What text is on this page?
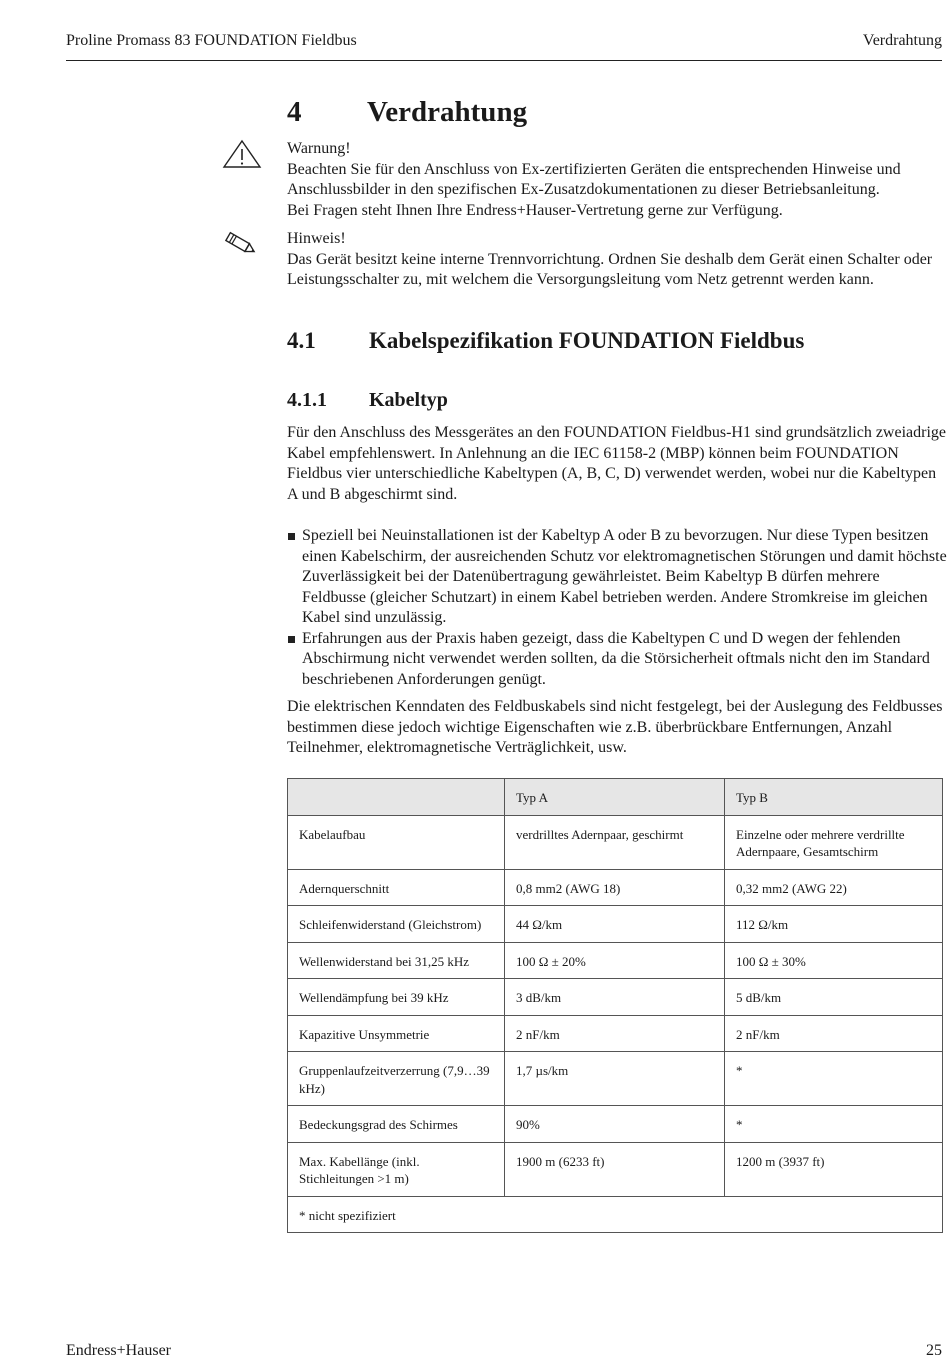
Proline Promass 83 FOUNDATION Fieldbus	Verdrahtung
4 Verdrahtung

Warnung!

Beachten Sie für den Anschluss von Ex-zertifizierten Geräten die entsprechenden Hinweise und Anschlussbilder in den spezifischen Ex-Zusatzdokumentationen zu dieser Betriebsanleitung.

Bei Fragen steht Ihnen Ihre Endress+Hauser-Vertretung gerne zur Verfügung.

Hinweis!

Das Gerät besitzt keine interne Trennvorrichtung. Ordnen Sie deshalb dem Gerät einen Schalter oder Leistungsschalter zu, mit welchem die Versorgungsleitung vom Netz getrennt werden kann.

4.1 Kabelspezifikation FOUNDATION Fieldbus
4.1.1 Kabeltyp

Für den Anschluss des Messgerätes an den FOUNDATION Fieldbus-H1 sind grundsätzlich zweiadrige Kabel empfehlenswert. In Anlehnung an die IEC 61158-2 (MBP) können beim FOUNDATION Fieldbus vier unterschiedliche Kabeltypen (A, B, C, D) verwendet werden, wobei nur die Kabeltypen A und B abgeschirmt sind.

Speziell bei Neuinstallationen ist der Kabeltyp A oder B zu bevorzugen. Nur diese Typen besitzen einen Kabelschirm, der ausreichenden Schutz vor elektromagnetischen Störungen und damit höchste Zuverlässigkeit bei der Datenübertragung gewährleistet. Beim Kabeltyp B dürfen mehrere Feldbusse (gleicher Schutzart) in einem Kabel betrieben werden. Andere Stromkreise im gleichen Kabel sind unzulässig.
Erfahrungen aus der Praxis haben gezeigt, dass die Kabeltypen C und D wegen der fehlenden Abschirmung nicht verwendet werden sollten, da die Störsicherheit oftmals nicht den im Standard beschriebenen Anforderungen genügt.

Die elektrischen Kenndaten des Feldbuskabels sind nicht festgelegt, bei der Auslegung des Feldbusses bestimmen diese jedoch wichtige Eigenschaften wie z.B. überbrückbare Entfernungen, Anzahl Teilnehmer, elektromagnetische Verträglichkeit, usw.

	Typ A	Typ B
Kabelaufbau	verdrilltes Adernpaar, geschirmt	Einzelne oder mehrere verdrillte Adernpaare, Gesamtschirm
Adernquerschnitt	0,8 mm2 (AWG 18)	0,32 mm2 (AWG 22)
Schleifenwiderstand (Gleichstrom)	44 Ω/km	112 Ω/km
Wellenwiderstand bei 31,25 kHz	100 Ω ± 20%	100 Ω ± 30%
Wellendämpfung bei 39 kHz	3 dB/km	5 dB/km
Kapazitive Unsymmetrie	2 nF/km	2 nF/km
Gruppenlaufzeitverzerrung (7,9…39 kHz)	1,7 µs/km	*
Bedeckungsgrad des Schirmes	90%	*
Max. Kabellänge (inkl. Stichleitungen >1 m)	1900 m (6233 ft)	1200 m (3937 ft)
* nicht spezifiziert		
Endress+Hauser	25
